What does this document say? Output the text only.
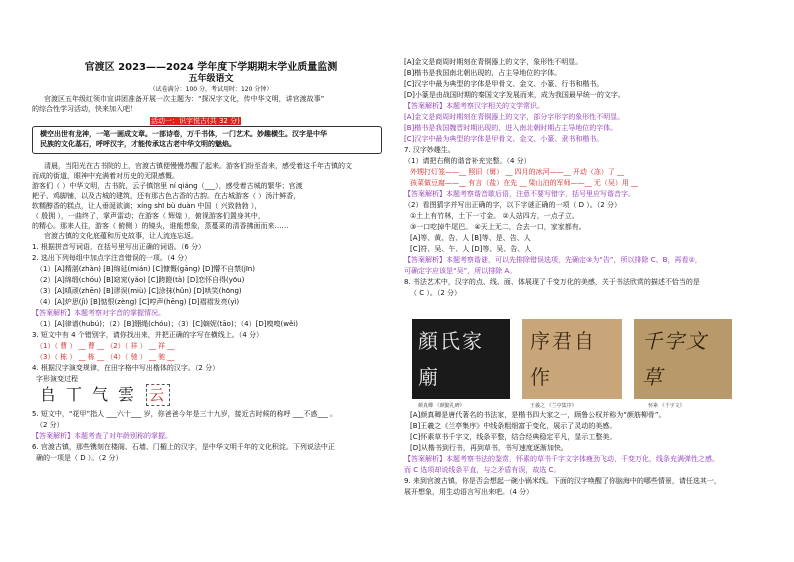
官渡区 2023——2024 学年度下学期期末学业质量监测
五年级语文
（试卷满分：100 分，考试用时：120 分钟）
官渡区五年级红领巾宣讲团准备开展一次主题为：“探况字文化，传中华文明，讲官渡故事”
的综合性学习活动，快来加入吧！
活动一：识字悦古(共 32 分)
横空出世有龙神，一笔一画成文章。一部诗卷，万千书体，一门艺术。妙趣横生。汉字是中华
民族的文化基石，呼呼汉字，才能传承这古老中华文明的魅焰。
清晨，当阳光在古书院的上，官渡古镇便慢慢苏醒了起来。游客们纷至沓来，感受着这千年古镇的文
而成的街道，眼神中充满着对历史的无限感慨。
游客们（ ）中华文明，古书院，云子镇馆里 ní qiáng（___），感受着古城的繁华；官渡
耙子、鸡脚铺，以及古城的建筑，还有那古色古香的古韵。在古城游客（ ）汤汁鲜香，
软糯醇香的糕点，让人垂涎欲滴；xíng shī bù duàn 中国（ 兴致勃勃 ），
（ 殷拥 ），一曲终了，掌声雷动；在游客（ 辉煌 ），俯视游客们置身其中，
的精心。那来人往，游客（ 俯侧 ）的镜头，谁能想象，蒸蔓菜的清香拂面而来……
官渡古镇的文化底蕴和历史故事，让人流连忘返。
1. 根据拼音写词语，在括号里写出正确的词语。（6 分）
2. 选出下列每组中加点字注音错误的一项。（4 分）
（1）[A]精湛(zhàn) [B]绵延(mián) [C]慷慨(gāng) [D]懵不自禁(jīn)
（2）[A]绵缎(chóu) [B]窈窕(yǎo) [C]跨蹬(tà) [D]恋怀自得(yōu)
（3）[A]嗔顽(zhēn) [B]谬误(miù) [C]涂抹(hǔn) [D]哄笑(hōng)
（4）[A]炉思(jì) [B]惦恨(zèng) [C]哼声(hēng) [D]褶褶发亮(yì)
【答案解析】本题考察对字音的掌握情况。
（1）[A]律谱(hubú)；（2）[B]绷绳(chóu)；（3）[C]嫡妮(tāo)；（4）[D]嗅嗅(wěi)
3. 短文中有 4 个错别字，请你找出来，并把正确的字写在横线上。（4 分）
（1）（ 曹 ） __ 曹 __ （2）（ 祥 ） __ 祥 __
（3）（ 栋 ） __ 栋 __ （4）（ 驰 ） __ 驰 __
4. 根据汉字演变规律，在田字格中写出楷体的汉字。（2 分）
字形演变过程
𠂤 丅 气 雲 云
5. 短文中，“花甲”指人 ___六十___ 岁，你爸爸今年是三十九岁，接近古时候的称呼 ___不惑___ 。
（2 分）
【答案解析】本题考查了对年龄别称的掌握。
6. 官渡古镇，那些镌刻在楼阁、石墙、门楣上的汉字，是中华文明千年的文化积淀。下列说法中正
确的一项是（ D ）。（2 分）
[A]金文是商周时期刻在青铜器上的文字，象形性不明显。
[B]楷书是我国南北朝出现的，占主导地位的字体。
[C]汉字中最为典型的字体是甲骨文、金文、小篆、行书和楷书。
[D]小篆是由战国时期的秦国文字发展而来，成为我国最早统一的文字。
【答案解析】本题考察汉字相关的文学常识。
[A]金文是商周时期刻在青铜器上的文字，部分字形字的象形性不明显。
[B]楷书是我国魏晋时期出现的，进入南北朝时期占主导地位的字体。
[C]汉字中最为典型的字体是甲骨文、金文、小篆、隶书和楷书。
7. 汉字妙趣生。
（1）请把右侧的谐音补充完整。（4 分）
外甥打灯笼——__ 照旧（舅） __ 四月的冰河——__ 开动（冻）了 __
孩菜做豆腐——__ 有言（盐）在先 __ 梁山泊的军师——__ 无（吴）用 __
【答案解析】本题考察谐音歇后语，注意不要写错字，括号里应写谐音字。
（2）看图猜字并写出正确的字，以下字谜正确的一项（ D ）。（2 分）
①土上有竹林，土下一寸金。 ②人站四方，一点孑立。
③一口吃掉牛尾巴。 ④天上无二，合去一口，家家都有。
[A]等、黄、告、人 [B]等、是、告、人
[C]符、吴、午、人 [D]等、吴、告、人
【答案解析】本题考察谐谜，可以先排除错误选项，先确定③为“告”，所以排除 C、B，再看②，
可确定字应该是“吴”，所以排除 A。
8. 书法艺术中，汉字的点、线、面、体展现了千变万化的美感，关于书法欣赏的描述不恰当的是
（ C ）。（2 分）
顏氏家廟
序君自作
千字文草
颜真卿 《颜勤礼碑》	王羲之 《兰亭集序》	怀素 《千字文》
[A]颜真卿是唐代著名的书法家，是楷书四大家之一，顾鲁公权并称为“颜筋柳骨”。
[B]王羲之《兰亭集序》中线条粗细富于变化，展示了灵动的美感。
[C]怀素草书千字文，线条平整，结合经典稳定平凡，显示工整美。
[D]从楷书到行书，再到草书，书写速度逐渐加快。
【答案解析】本题考察书法的鉴赏，怀素的草书千字文字体瘦劲飞动，千变万化，线条充满弹性之感。
而 C 选项却说线条平直，与之矛盾有误，故选 C。
9. 来到官渡古镇，你是否会想起一碗小锅米线。下面的汉字唤醒了你脑海中的哪些情景，请任选其一，
展开想象，用生动语言写出来吧。（4 分）
